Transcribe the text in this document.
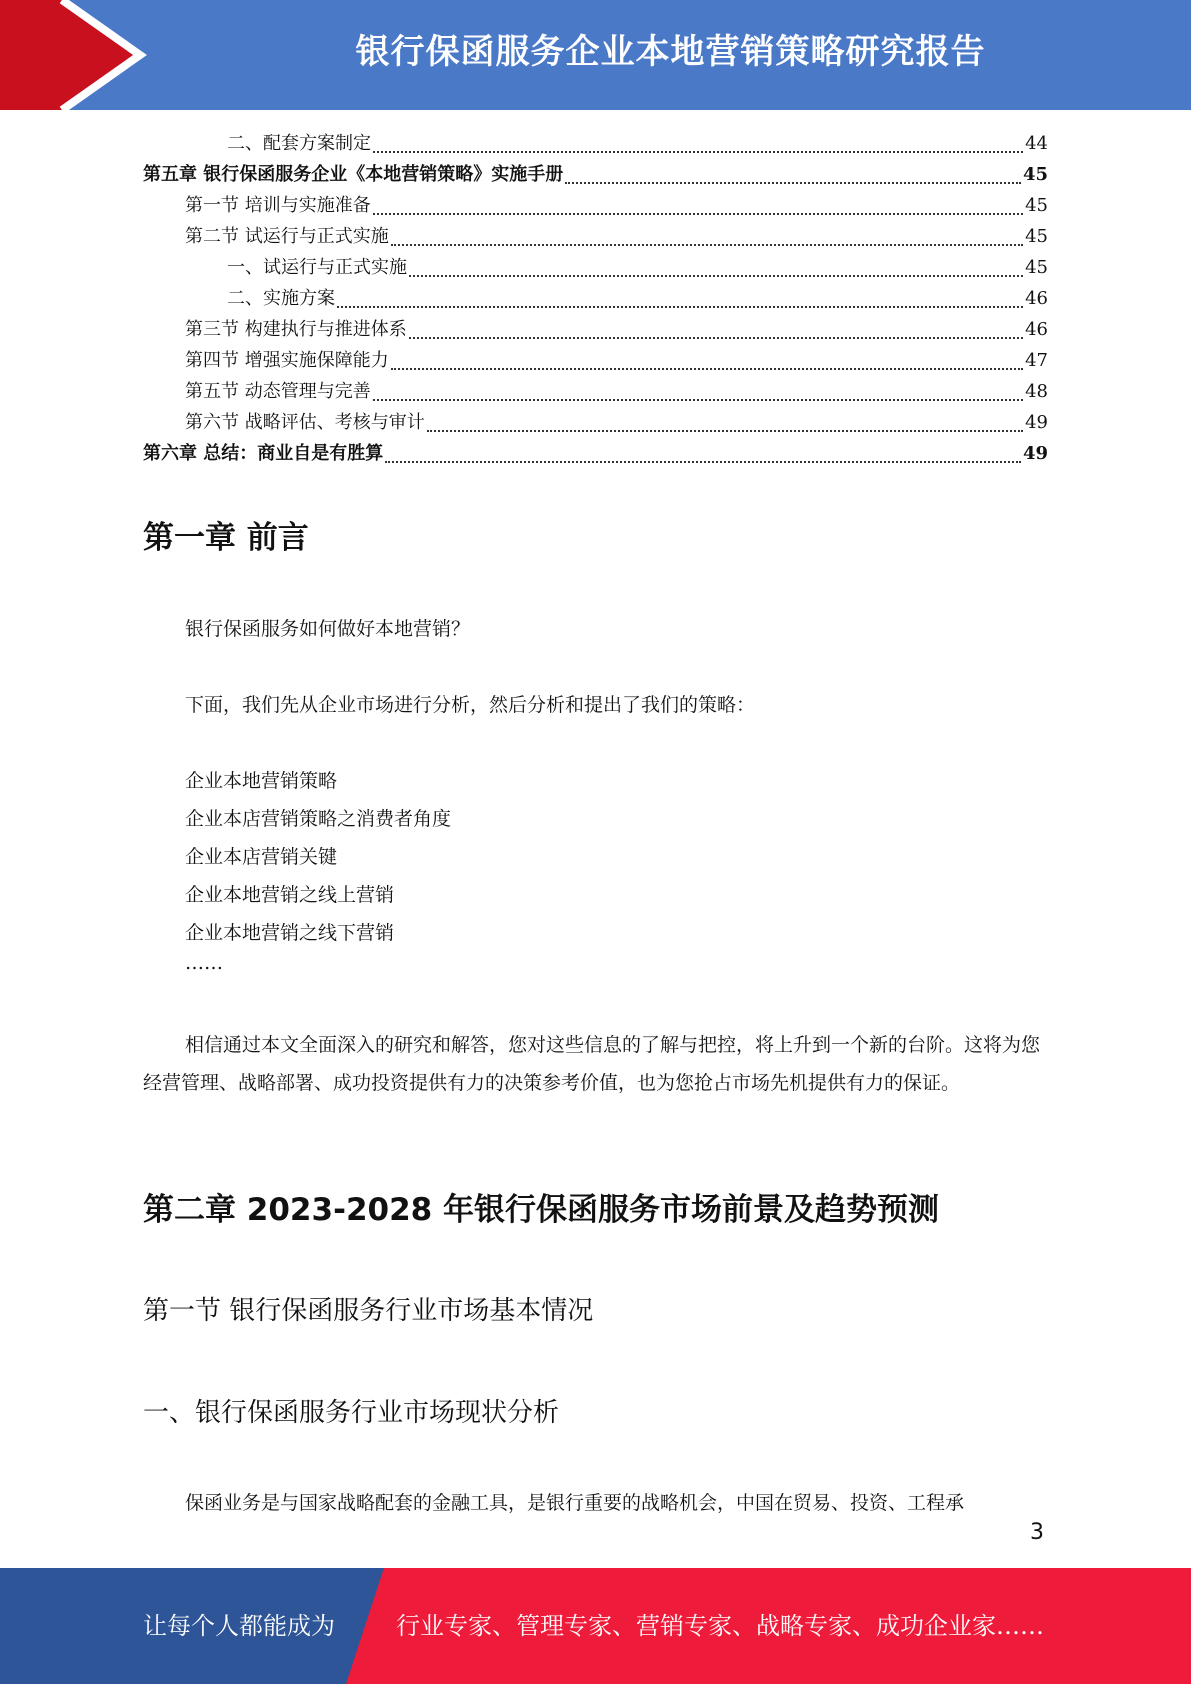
银行保函服务企业本地营销策略研究报告
二、配套方案制定	44
第五章 银行保函服务企业《本地营销策略》实施手册	45
第一节 培训与实施准备	45
第二节 试运行与正式实施	45
一、试运行与正式实施	45
二、实施方案	46
第三节 构建执行与推进体系	46
第四节 增强实施保障能力	47
第五节 动态管理与完善	48
第六节 战略评估、考核与审计	49
第六章 总结：商业自是有胜算	49
第一章 前言
银行保函服务如何做好本地营销？
下面，我们先从企业市场进行分析，然后分析和提出了我们的策略：
企业本地营销策略
企业本店营销策略之消费者角度
企业本店营销关键
企业本地营销之线上营销
企业本地营销之线下营销
……
相信通过本文全面深入的研究和解答，您对这些信息的了解与把控，将上升到一个新的台阶。这将为您经营管理、战略部署、成功投资提供有力的决策参考价值，也为您抢占市场先机提供有力的保证。
第二章 2023-2028 年银行保函服务市场前景及趋势预测
第一节 银行保函服务行业市场基本情况
一、银行保函服务行业市场现状分析
保函业务是与国家战略配套的金融工具，是银行重要的战略机会，中国在贸易、投资、工程承
3
让每个人都能成为	行业专家、管理专家、营销专家、战略专家、成功企业家……
